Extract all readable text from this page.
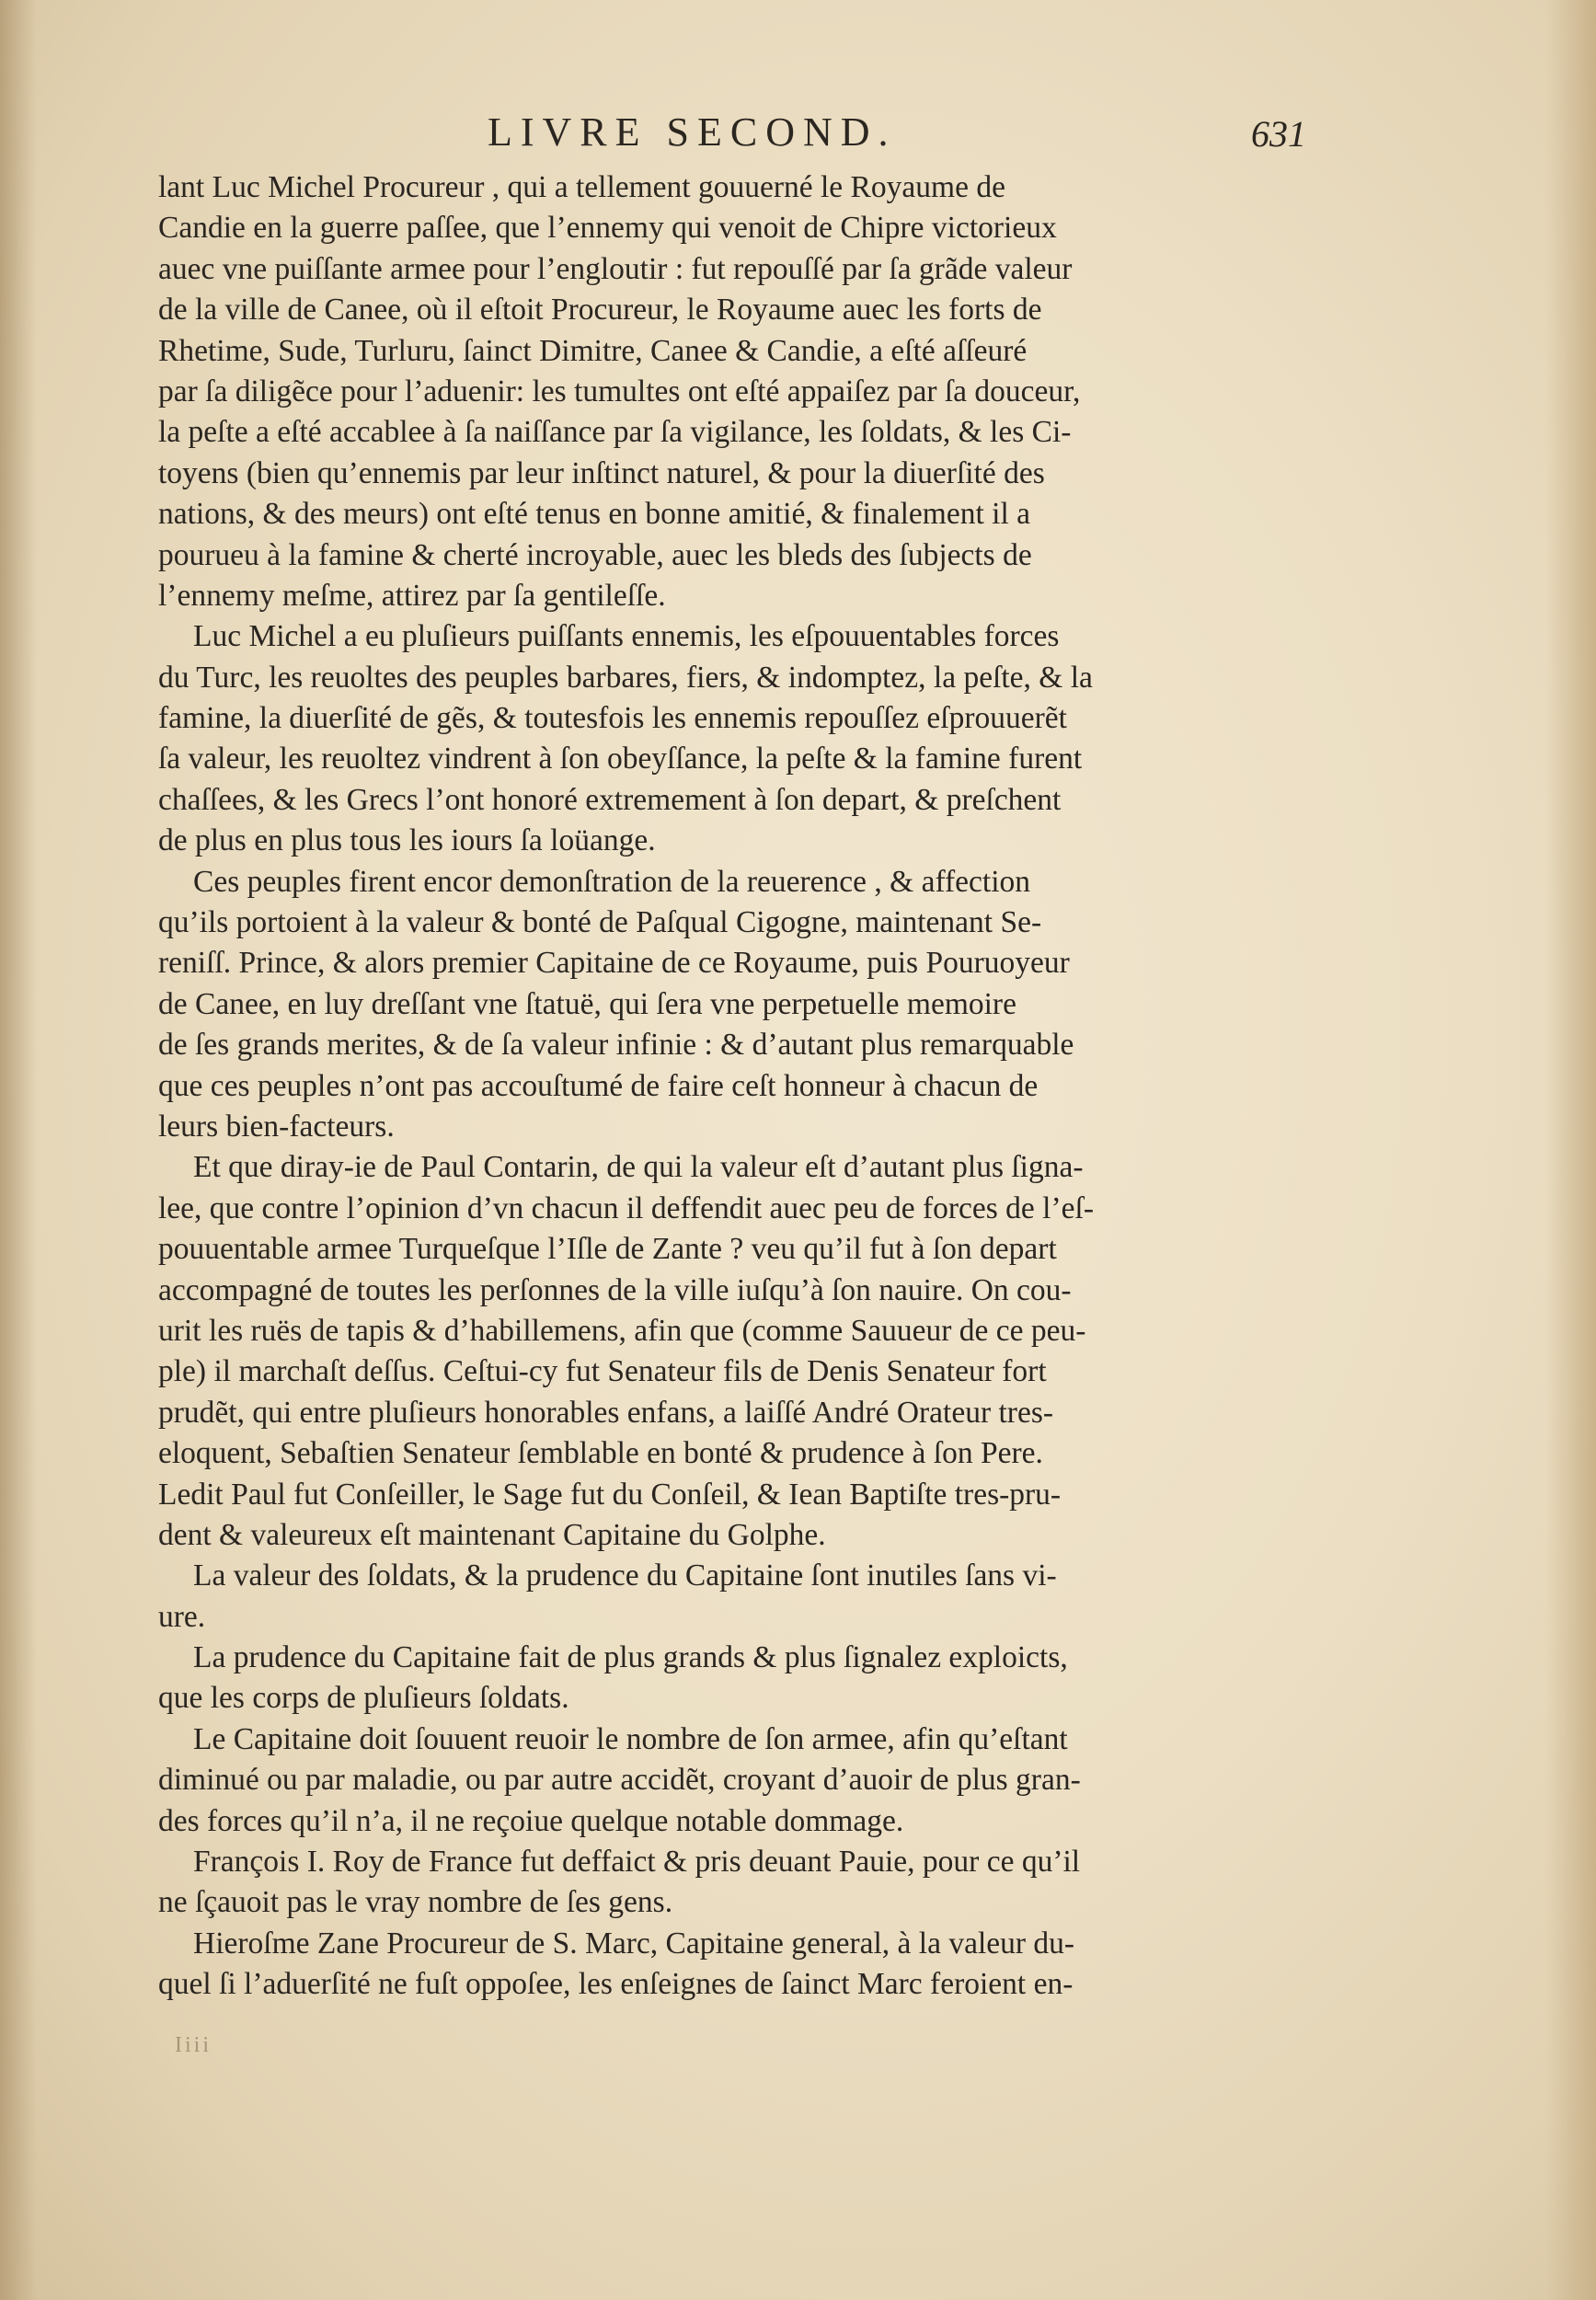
LIVRE SECOND.	631
lant Luc Michel Procureur , qui a tellement gouuerné le Royaume de
Candie en la guerre paſſee, que l’ennemy qui venoit de Chipre victorieux
auec vne puiſſante armee pour l’engloutir : fut repouſſé par ſa grãde valeur
de la ville de Canee, où il eſtoit Procureur, le Royaume auec les forts de
Rhetime, Sude, Turluru, ſainct Dimitre, Canee & Candie, a eſté aſſeuré
par ſa diligẽce pour l’aduenir: les tumultes ont eſté appaiſez par ſa douceur,
la peſte a eſté accablee à ſa naiſſance par ſa vigilance, les ſoldats, & les Ci-
toyens (bien qu’ennemis par leur inſtinct naturel, & pour la diuerſité des
nations, & des meurs) ont eſté tenus en bonne amitié, & finalement il a
pourueu à la famine & cherté incroyable, auec les bleds des ſubjects de
l’ennemy meſme, attirez par ſa gentileſſe.
Luc Michel a eu pluſieurs puiſſants ennemis, les eſpouuentables forces
du Turc, les reuoltes des peuples barbares, fiers, & indomptez, la peſte, & la
famine, la diuerſité de gẽs, & toutesfois les ennemis repouſſez eſprouuerẽt
ſa valeur, les reuoltez vindrent à ſon obeyſſance, la peſte & la famine furent
chaſſees, & les Grecs l’ont honoré extremement à ſon depart, & preſchent
de plus en plus tous les iours ſa loüange.
Ces peuples firent encor demonſtration de la reuerence , & affection
qu’ils portoient à la valeur & bonté de Paſqual Cigogne, maintenant Se-
reniſſ. Prince, & alors premier Capitaine de ce Royaume, puis Pouruoyeur
de Canee, en luy dreſſant vne ſtatuë, qui ſera vne perpetuelle memoire
de ſes grands merites, & de ſa valeur infinie : & d’autant plus remarquable
que ces peuples n’ont pas accouſtumé de faire ceſt honneur à chacun de
leurs bien-facteurs.
Et que diray-ie de Paul Contarin, de qui la valeur eſt d’autant plus ſigna-
lee, que contre l’opinion d’vn chacun il deffendit auec peu de forces de l’eſ-
pouuentable armee Turqueſque l’Iſle de Zante ? veu qu’il fut à ſon depart
accompagné de toutes les perſonnes de la ville iuſqu’à ſon nauire. On cou-
urit les ruës de tapis & d’habillemens, afin que (comme Sauueur de ce peu-
ple) il marchaſt deſſus. Ceſtui-cy fut Senateur fils de Denis Senateur fort
prudẽt, qui entre pluſieurs honorables enfans, a laiſſé André Orateur tres-
eloquent, Sebaſtien Senateur ſemblable en bonté & prudence à ſon Pere.
Ledit Paul fut Conſeiller, le Sage fut du Conſeil, & Iean Baptiſte tres-pru-
dent & valeureux eſt maintenant Capitaine du Golphe.
La valeur des ſoldats, & la prudence du Capitaine ſont inutiles ſans vi-
ure.
La prudence du Capitaine fait de plus grands & plus ſignalez exploicts,
que les corps de pluſieurs ſoldats.
Le Capitaine doit ſouuent reuoir le nombre de ſon armee, afin qu’eſtant
diminué ou par maladie, ou par autre accidẽt, croyant d’auoir de plus gran-
des forces qu’il n’a, il ne reçoiue quelque notable dommage.
François I. Roy de France fut deffaict & pris deuant Pauie, pour ce qu’il
ne ſçauoit pas le vray nombre de ſes gens.
Hieroſme Zane Procureur de S. Marc, Capitaine general, à la valeur du-
quel ſi l’aduerſité ne fuſt oppoſee, les enſeignes de ſainct Marc feroient en-
Iiii
